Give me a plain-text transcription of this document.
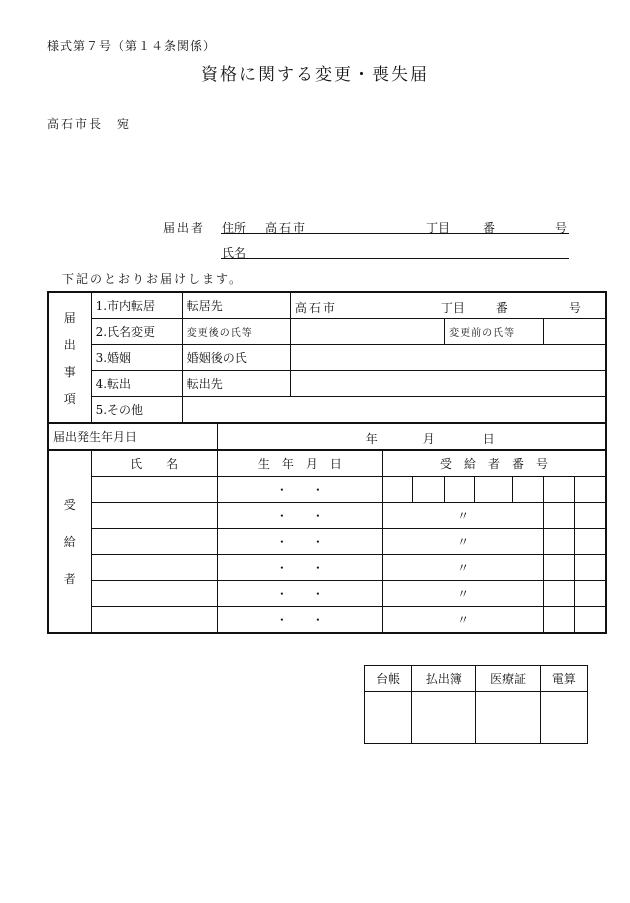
様式第７号（第１４条関係）
資格に関する変更・喪失届
高石市長　宛
届出者 住所 高石市	丁目	番	号
氏名
下記のとおりお届けします。
届
出
事
項	1.市内転居	転居先		高石市 丁目 番 号							

	2.氏名変更	変更後の氏等					変更前の氏等				
	3.婚姻	婚姻後の氏									
	4.転出	転出先									
	5.その他										
届出発生年月日			年 月 日								

受
給
者	氏　　名		生　年　月　日		受　給　者　番　号						
			・　　・								
			・　　・		〃						
			・　　・		〃						
			・　　・		〃						
			・　　・		〃						
			・　　・		〃						
台帳	払出簿	医療証	電算
